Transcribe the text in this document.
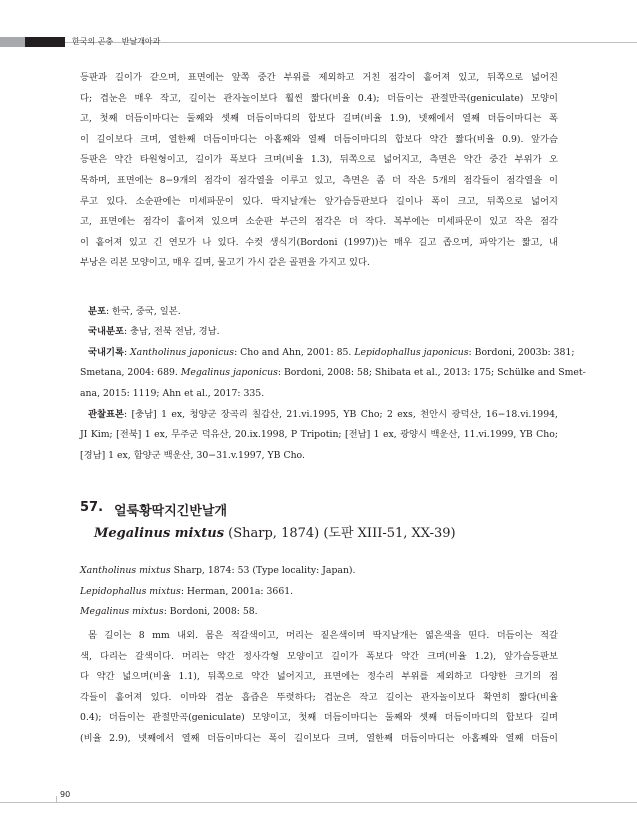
한국의 곤충 반날개아과

등판과 길이가 같으며, 표면에는 앞쪽 중간 부위를 제외하고 거친 점각이 흩어져 있고, 뒤쪽으로 넓어진

다; 겹눈은 매우 작고, 길이는 관자놀이보다 훨씬 짧다(비율 0.4); 더듬이는 관절만곡(geniculate) 모양이

고, 첫째 더듬이마디는 둘째와 셋째 더듬이마디의 합보다 길며(비율 1.9), 넷째에서 열째 더듬이마디는 폭

이 길이보다 크며, 열한째 더듬이마디는 아홉째와 열째 더듬이마디의 합보다 약간 짧다(비율 0.9). 앞가슴

등판은 약간 타원형이고, 길이가 폭보다 크며(비율 1.3), 뒤쪽으로 넓어지고, 측면은 약간 중간 부위가 오

목하며, 표면에는 8−9개의 점각이 점각열을 이루고 있고, 측면은 좀 더 작은 5개의 점각들이 점각열을 이

루고 있다. 소순판에는 미세파문이 있다. 딱지날개는 앞가슴등판보다 길이나 폭이 크고, 뒤쪽으로 넓어지

고, 표면에는 점각이 흩어져 있으며 소순판 부근의 점각은 더 작다. 복부에는 미세파문이 있고 작은 점각

이 흩어져 있고 긴 연모가 나 있다. 수컷 생식기(Bordoni (1997))는 매우 길고 좁으며, 파악기는 짧고, 내

부낭은 리본 모양이고, 매우 길며, 물고기 가시 같은 골편을 가지고 있다.

분포: 한국, 중국, 일본.

국내분포: 충남, 전북 전남, 경남.

국내기록: Xantholinus japonicus: Cho and Ahn, 2001: 85. Lepidophallus japonicus: Bordoni, 2003b: 381;

Smetana, 2004: 689. Megalinus japonicus: Bordoni, 2008: 58; Shibata et al., 2013: 175; Schülke and Smet-

ana, 2015: 1119; Ahn et al., 2017: 335.

관찰표본: [충남] 1 ex, 청양군 장곡리 칠갑산, 21.vi.1995, YB Cho; 2 exs, 천안시 광덕산, 16−18.vi.1994,

JI Kim; [전북] 1 ex, 무주군 덕유산, 20.ix.1998, P Tripotin; [전남] 1 ex, 광양시 백운산, 11.vi.1999, YB Cho;

[경남] 1 ex, 함양군 백운산, 30−31.v.1997, YB Cho.

57. 얼룩황딱지긴반날개
Megalinus mixtus (Sharp, 1874) (도판 XIII-51, XX-39)

Xantholinus mixtus Sharp, 1874: 53 (Type locality: Japan).

Lepidophallus mixtus: Herman, 2001a: 3661.

Megalinus mixtus: Bordoni, 2008: 58.

몸 길이는 8 mm 내외. 몸은 적갈색이고, 머리는 짙은색이며 딱지날개는 엷은색을 띤다. 더듬이는 적갈

색, 다리는 갈색이다. 머리는 약간 정사각형 모양이고 길이가 폭보다 약간 크며(비율 1.2), 앞가슴등판보

다 약간 넓으며(비율 1.1), 뒤쪽으로 약간 넓어지고, 표면에는 정수리 부위를 제외하고 다양한 크기의 점

각들이 흩어져 있다. 이마와 겹눈 흡즙은 뚜렷하다; 겹눈은 작고 길이는 관자놀이보다 확연히 짧다(비율

0.4); 더듬이는 관절만곡(geniculate) 모양이고, 첫째 더듬이마디는 둘째와 셋째 더듬이마디의 합보다 길며

(비율 2.9), 넷째에서 열째 더듬이마디는 폭이 길이보다 크며, 열한째 더듬이마디는 아홉째와 열째 더듬이

90
